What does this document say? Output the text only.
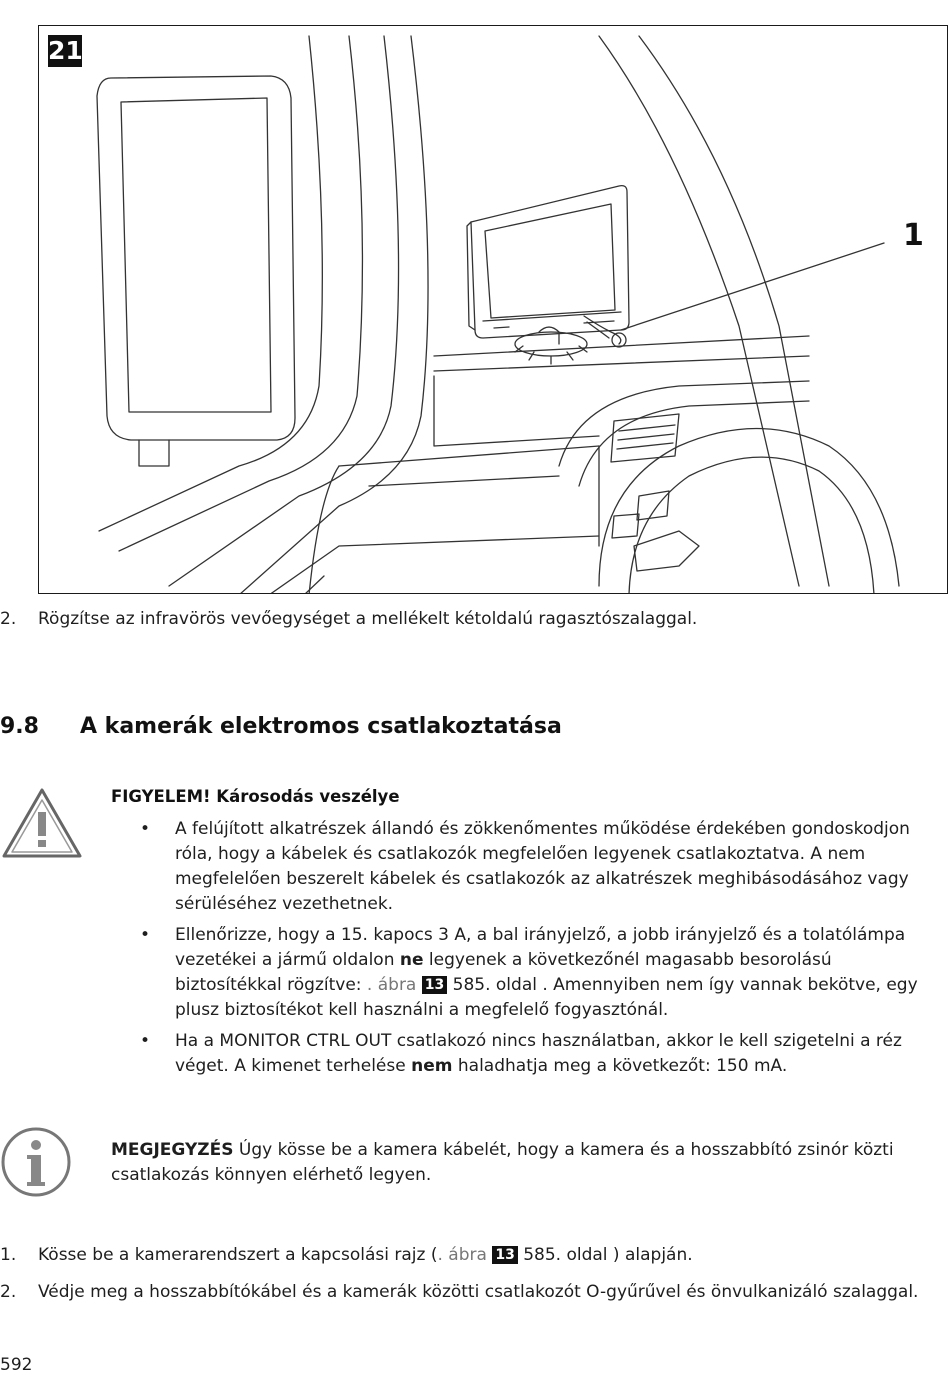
21
1
2. Rögzítse az infravörös vevőegységet a mellékelt kétoldalú ragasztószalaggal.
9.8 A kamerák elektromos csatlakoztatása
FIGYELEM! Károsodás veszélye
• A felújított alkatrészek állandó és zökkenőmentes működése érdekében gondoskodjon róla, hogy a kábelek és csatlakozók megfelelően legyenek csatlakoztatva. A nem megfelelően beszerelt kábelek és csatlakozók az alkatrészek meghibásodásához vagy sérüléséhez vezethetnek.
• Ellenőrizze, hogy a 15. kapocs 3 A, a bal irányjelző, a jobb irányjelző és a tolatólámpa vezetékei a jármű oldalon ne legyenek a következőnél magasabb besorolású biztosítékkal rögzítve: . ábra 13 585. oldal . Amennyiben nem így vannak bekötve, egy plusz biztosítékot kell használni a megfelelő fogyasztónál.
• Ha a MONITOR CTRL OUT csatlakozó nincs használatban, akkor le kell szigetelni a réz véget. A kimenet terhelése nem haladhatja meg a következőt: 150 mA.
MEGJEGYZÉS Úgy kösse be a kamera kábelét, hogy a kamera és a hosszabbító zsinór közti csatlakozás könnyen elérhető legyen.
1. Kösse be a kamerarendszert a kapcsolási rajz (. ábra 13 585. oldal ) alapján.
2. Védje meg a hosszabbítókábel és a kamerák közötti csatlakozót O-gyűrűvel és önvulkanizáló szalaggal.
592
